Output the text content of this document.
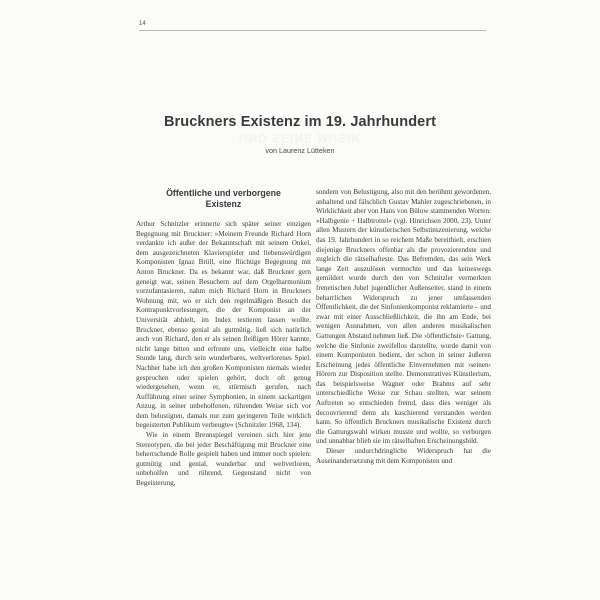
14
Bruckners Existenz im 19. Jahrhundert
UND SEINE MUSIK
von Laurenz Lütteken
Öffentliche und verborgene
Existenz

Arthur Schnitzler erinnerte sich später seiner einzigen Begegnung mit Bruckner: »Meinem Freunde Richard Horn verdankte ich außer der Bekanntschaft mit seinem Onkel, dem ausgezeichneten Klavierspieler und liebenswürdigen Komponisten Ignaz Brüll, eine flüchtige Begegnung mit Anton Bruckner. Da es bekannt war, daß Bruckner gern geneigt war, seinen Besuchern auf dem Orgelharmonium vorzufantasieren, nahm mich Richard Horn in Bruckners Wohnung mit, wo er sich den regelmäßigen Besuch der Kontrapunktvorlesungen, die der Komponist an der Universität abhielt, im Index testieren lassen wollte. Bruckner, ebenso genial als gutmütig, ließ sich natürlich auch von Richard, den er als seinen fleißigen Hörer kannte, nicht lange bitten und erfreute uns, vielleicht eine halbe Stunde lang, durch sein wunderbares, weltverlorenes Spiel. Nachher habe ich den großen Komponisten niemals wieder gesprochen oder spielen gehört, doch oft genug wiedergesehen, wenn er, stürmisch gerufen, nach Aufführung einer seiner Symphonien, in einem sackartigen Anzug, in seiner unbeholfenen, rührenden Weise sich vor dem belustigten, damals nur zum geringeren Teile wirklich begeisterten Publikum verbeugte« (Schnitzler 1968, 134).

Wie in einem Brennspiegel vereinen sich hier jene Stereotypen, die bei jeder Beschäftigung mit Bruckner eine beherrschende Rolle gespielt haben und immer noch spielen: gutmütig und genial, wunderbar und weltverloren, unbeholfen und rührend, Gegenstand nicht von Begeisterung,

sondern von Belustigung, also mit den berühmt gewordenen, anhaltend und fälschlich Gustav Mahler zugeschriebenen, in Wirklichkeit aber von Hans von Bülow stammenden Worten: »Halbgenie + Halbtrottel« (vgl. Hinrichsen 2000, 23). Unter allen Mustern der künstlerischen Selbstinszenierung, welche das 19. Jahrhundert in so reichem Maße bereithielt, erschien diejenige Bruckners offenbar als die provozierendste und zugleich die rätselhafteste. Das Befremden, das sein Werk lange Zeit auszulösen vermochte und das keineswegs gemildert wurde durch den von Schnitzler vermerkten frenetischen Jubel jugendlicher Außenseiter, stand in einem beharrlichen Widerspruch zu jener umfassenden Öffentlichkeit, die der Sinfonienkomponist reklamierte – und zwar mit einer Ausschließlichkeit, die ihn am Ende, bei wenigen Ausnahmen, von allen anderen musikalischen Gattungen Abstand nehmen ließ. Die ›öffentlichste‹ Gattung, welche die Sinfonie zweifellos darstellte, wurde damit von einem Komponisten bedient, der schon in seiner äußeren Erscheinung jedes öffentliche Einvernehmen mit ›seinen‹ Hörern zur Disposition stellte. Demonstratives Künstlertum, das beispielsweise Wagner oder Brahms auf sehr unterschiedliche Weise zur Schau stellten, war seinem Auftreten so entschieden fremd, dass dies weniger als decouvrierend denn als kaschierend verstanden werden kann. So öffentlich Bruckners musikalische Existenz durch die Gattungswahl wirken musste und wollte, so verborgen und unnahbar blieb sie im rätselhaften Erscheinungsbild.

Dieser undurchdringliche Widerspruch hat die Auseinandersetzung mit dem Komponisten und
